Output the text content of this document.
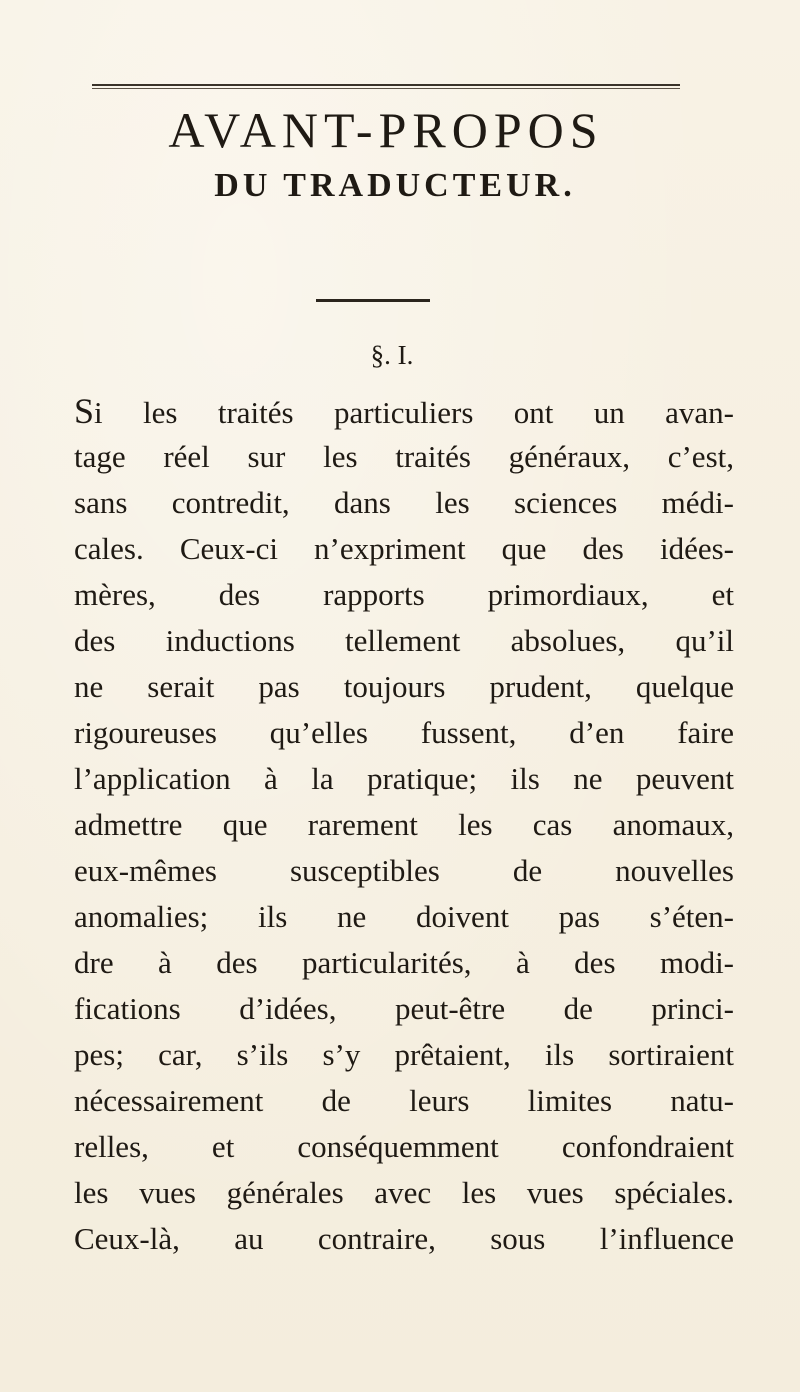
AVANT-PROPOS
DU TRADUCTEUR.
§. I.
S i les traités particuliers ont un avan-
tage réel sur les traités généraux, c’est,
sans contredit, dans les sciences médi-
cales. Ceux-ci n’expriment que des idées-
mères, des rapports primordiaux, et
des inductions tellement absolues, qu’il
ne serait pas toujours prudent, quelque
rigoureuses qu’elles fussent, d’en faire
l’application à la pratique; ils ne peuvent
admettre que rarement les cas anomaux,
eux-mêmes susceptibles de nouvelles
anomalies; ils ne doivent pas s’éten-
dre à des particularités, à des modi-
fications d’idées, peut-être de princi-
pes; car, s’ils s’y prêtaient, ils sortiraient
nécessairement de leurs limites natu-
relles, et conséquemment confondraient
les vues générales avec les vues spéciales.
Ceux-là, au contraire, sous l’influence
